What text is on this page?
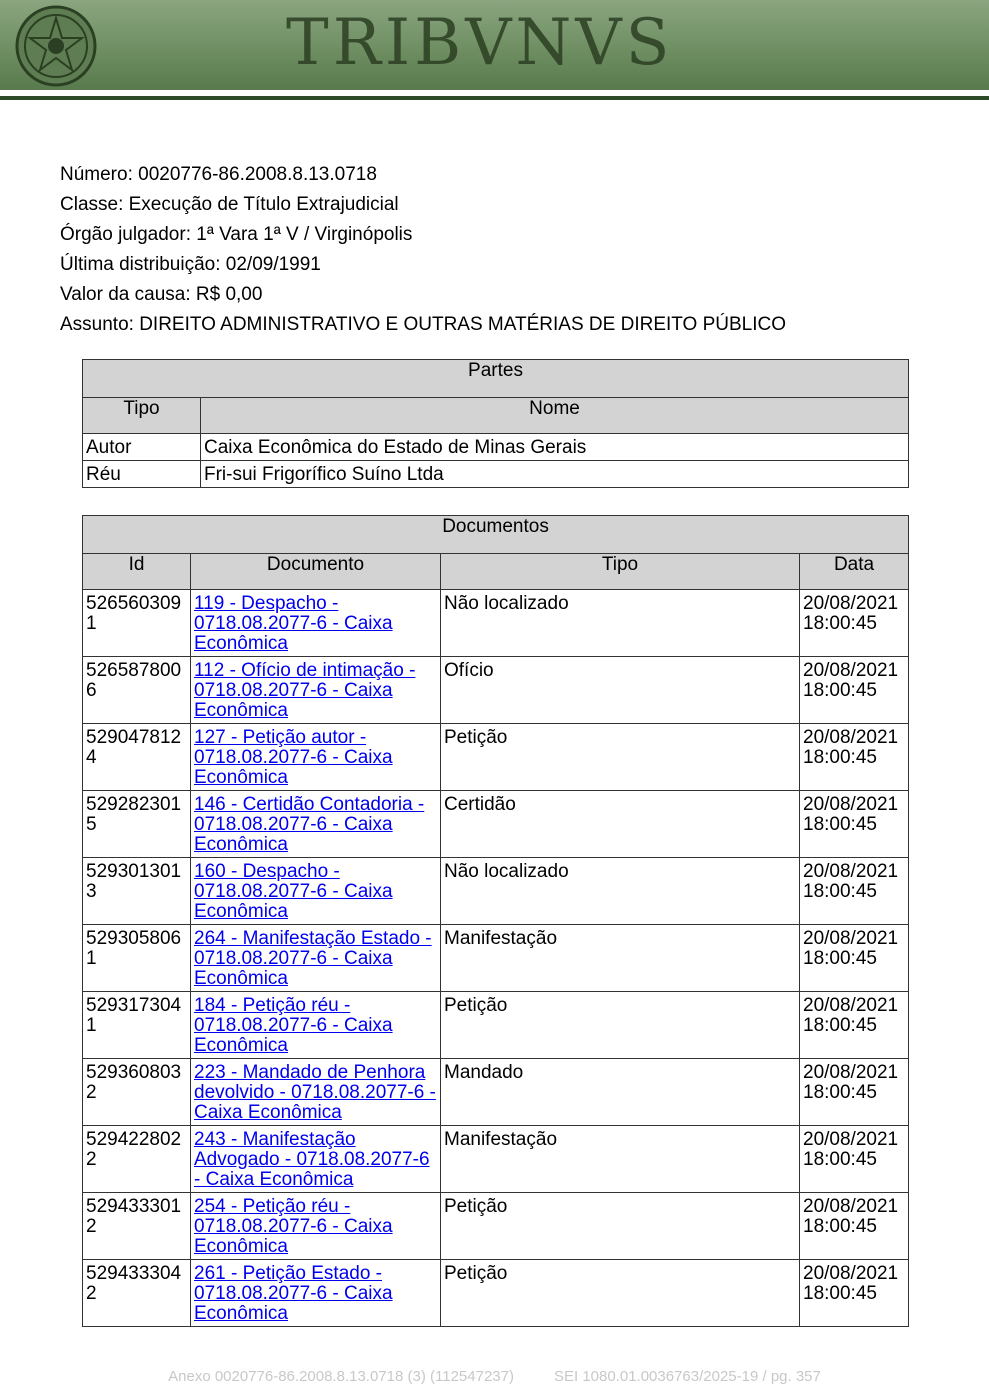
TRIBVNVS
Número: 0020776-86.2008.8.13.0718
Classe: Execução de Título Extrajudicial
Órgão julgador: 1ª Vara 1ª V / Virginópolis
Última distribuição: 02/09/1991
Valor da causa: R$ 0,00
Assunto: DIREITO ADMINISTRATIVO E OUTRAS MATÉRIAS DE DIREITO PÚBLICO
Partes	
Tipo	Nome
Autor	Caixa Econômica do Estado de Minas Gerais
Réu	Fri-sui Frigorífico Suíno Ltda
Documentos			
Id	Documento	Tipo	Data
5265603091	119 - Despacho - 0718.08.2077-6 - Caixa Econômica	Não localizado	20/08/2021 18:00:45
5265878006	112 - Ofício de intimação - 0718.08.2077-6 - Caixa Econômica	Ofício	20/08/2021 18:00:45
5290478124	127 - Petição autor - 0718.08.2077-6 - Caixa Econômica	Petição	20/08/2021 18:00:45
5292823015	146 - Certidão Contadoria - 0718.08.2077-6 - Caixa Econômica	Certidão	20/08/2021 18:00:45
5293013013	160 - Despacho - 0718.08.2077-6 - Caixa Econômica	Não localizado	20/08/2021 18:00:45
5293058061	264 - Manifestação Estado - 0718.08.2077-6 - Caixa Econômica	Manifestação	20/08/2021 18:00:45
5293173041	184 - Petição réu - 0718.08.2077-6 - Caixa Econômica	Petição	20/08/2021 18:00:45
5293608032	223 - Mandado de Penhora devolvido - 0718.08.2077-6 - Caixa Econômica	Mandado	20/08/2021 18:00:45
5294228022	243 - Manifestação Advogado - 0718.08.2077-6 - Caixa Econômica	Manifestação	20/08/2021 18:00:45
5294333012	254 - Petição réu - 0718.08.2077-6 - Caixa Econômica	Petição	20/08/2021 18:00:45
5294333042	261 - Petição Estado - 0718.08.2077-6 - Caixa Econômica	Petição	20/08/2021 18:00:45
Anexo 0020776-86.2008.8.13.0718 (3) (112547237)	SEI 1080.01.0036763/2025-19 / pg. 357
